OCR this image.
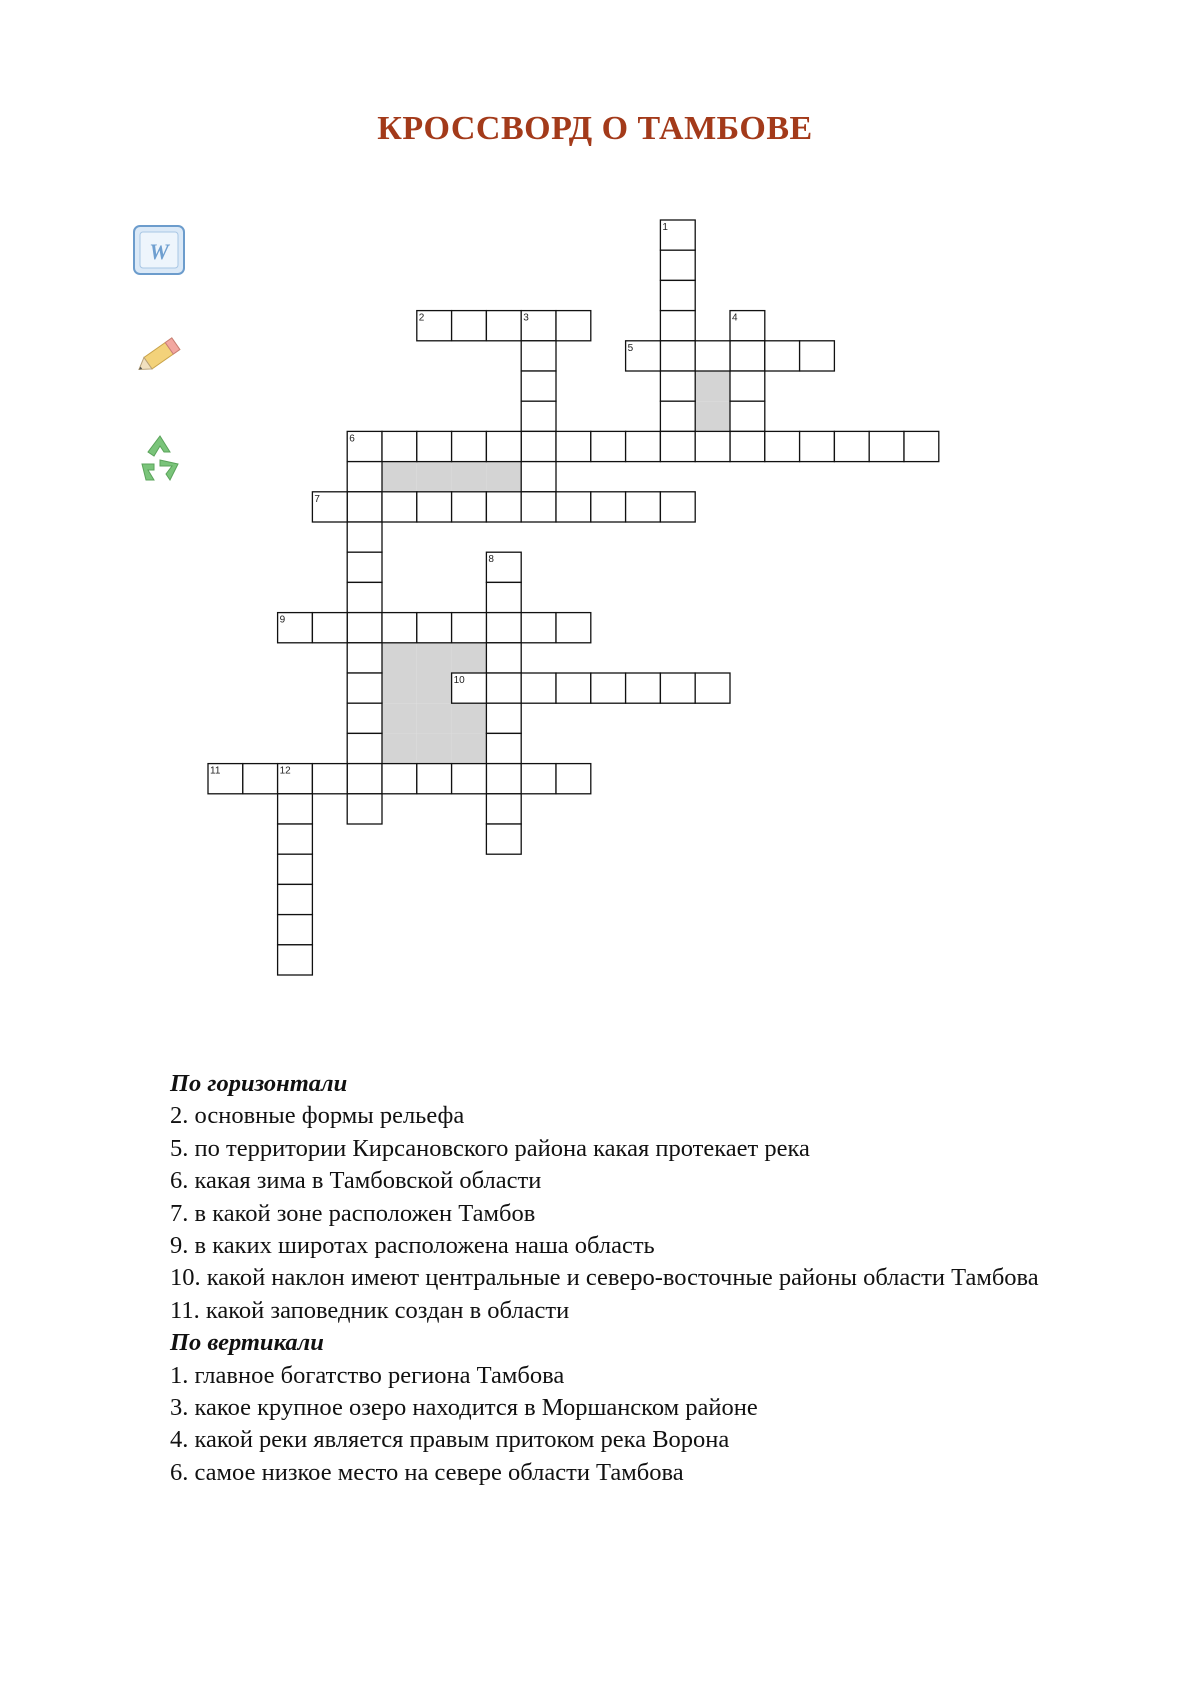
КРОССВОРД О ТАМБОВЕ
W
1
2	3	4
5
6
7
8
9
10
11	12
По горизонтали
2. основные формы рельефа
5. по территории Кирсановского района какая протекает река
6. какая зима в Тамбовской области
7. в какой зоне расположен Тамбов
9. в каких широтах расположена наша область
10. какой наклон имеют центральные и северо-восточные районы области Тамбова
11. какой заповедник создан в области
По вертикали
1. главное богатство региона Тамбова
3. какое крупное озеро находится в Моршанском районе
4. какой реки является правым притоком река Ворона
6. самое низкое место на севере области Тамбова
